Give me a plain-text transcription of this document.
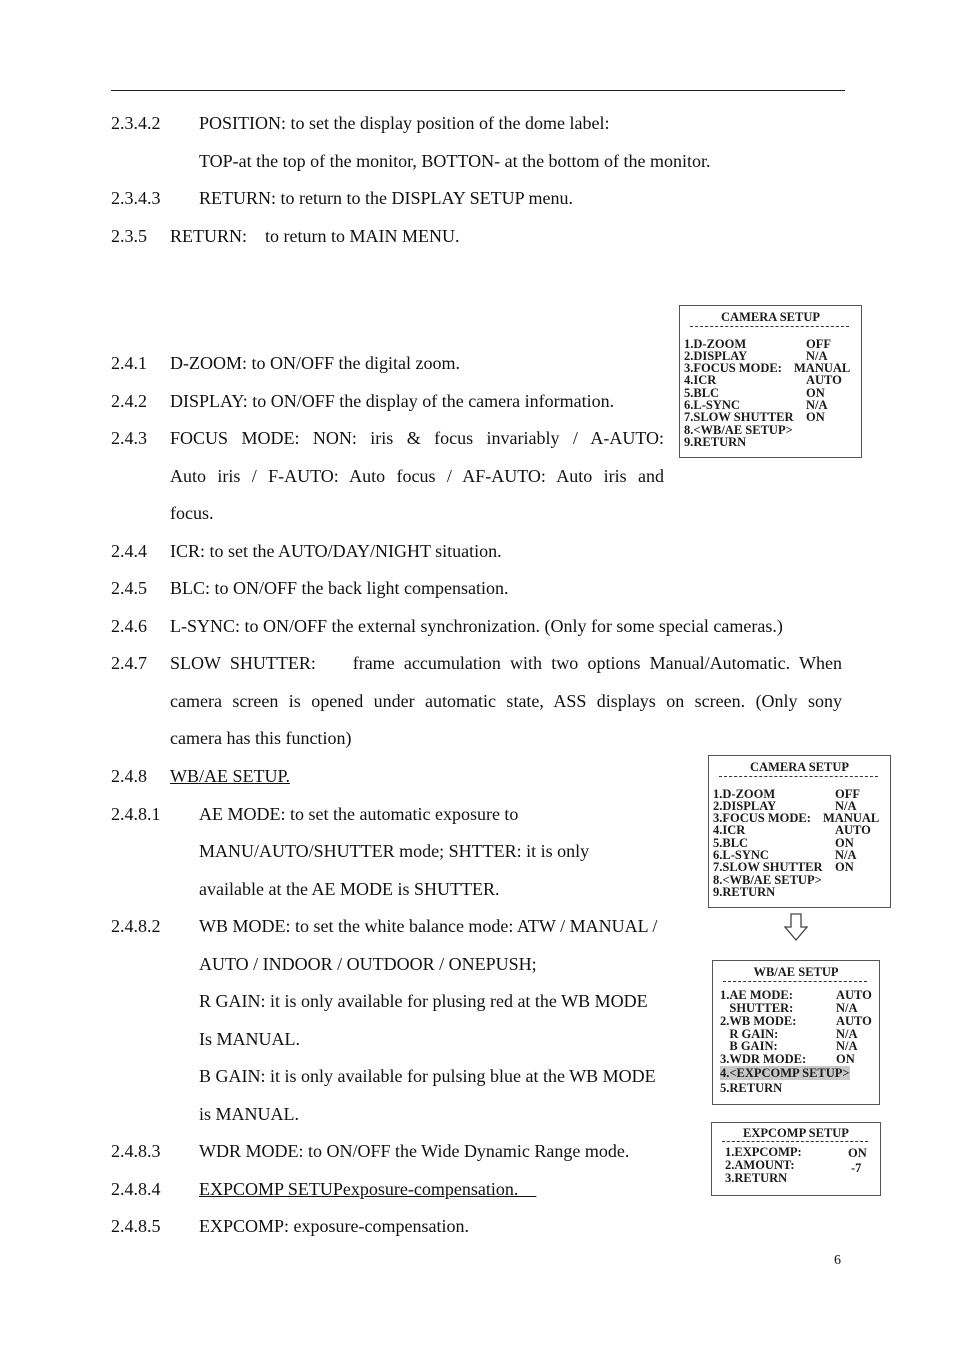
2.3.4.2 POSITION: to set the display position of the dome label:
TOP-at the top of the monitor, BOTTON- at the bottom of the monitor.
2.3.4.3 RETURN: to return to the DISPLAY SETUP menu.
2.3.5 RETURN:    to return to MAIN MENU.
2.4.1 D-ZOOM: to ON/OFF the digital zoom.
2.4.2 DISPLAY: to ON/OFF the display of the camera information.
2.4.3 FOCUS MODE: NON: iris & focus invariably / A-AUTO:
Auto iris / F-AUTO: Auto focus / AF-AUTO: Auto iris and
focus.
2.4.4 ICR: to set the AUTO/DAY/NIGHT situation.
2.4.5 BLC: to ON/OFF the back light compensation.
2.4.6 L-SYNC: to ON/OFF the external synchronization. (Only for some special cameras.)
2.4.7 SLOW SHUTTER:    frame accumulation with two options Manual/Automatic. When
camera screen is opened under automatic state, ASS displays on screen. (Only sony
camera has this function)
2.4.8 WB/AE SETUP.
2.4.8.1 AE MODE: to set the automatic exposure to
MANU/AUTO/SHUTTER mode; SHTTER: it is only
available at the AE MODE is SHUTTER.
2.4.8.2 WB MODE: to set the white balance mode: ATW / MANUAL /
AUTO / INDOOR / OUTDOOR / ONEPUSH;
R GAIN: it is only available for plusing red at the WB MODE
Is MANUAL.
B GAIN: it is only available for pulsing blue at the WB MODE
is MANUAL.
2.4.8.3 WDR MODE: to ON/OFF the Wide Dynamic Range mode.
2.4.8.4 EXPCOMP SETUPexposure-compensation.
2.4.8.5 EXPCOMP: exposure-compensation.
6
CAMERA SETUP
1.D-ZOOM	OFF
2.DISPLAY	N/A
3.FOCUS MODE: MANUAL
4.ICR	AUTO
5.BLC	ON
6.L-SYNC	N/A
7.SLOW SHUTTER ON
8.<WB/AE SETUP>
9.RETURN
CAMERA SETUP
1.D-ZOOM	OFF
2.DISPLAY	N/A
3.FOCUS MODE: MANUAL
4.ICR	AUTO
5.BLC	ON
6.L-SYNC	N/A
7.SLOW SHUTTER ON
8.<WB/AE SETUP>
9.RETURN
WB/AE SETUP
1.AE MODE:	AUTO
SHUTTER:	N/A
2.WB MODE:	AUTO
R GAIN:	N/A
B GAIN:	N/A
3.WDR MODE: ON
4.<EXPCOMP SETUP>
5.RETURN
EXPCOMP SETUP
1.EXPCOMP:	ON
2.AMOUNT:	-7
3.RETURN
